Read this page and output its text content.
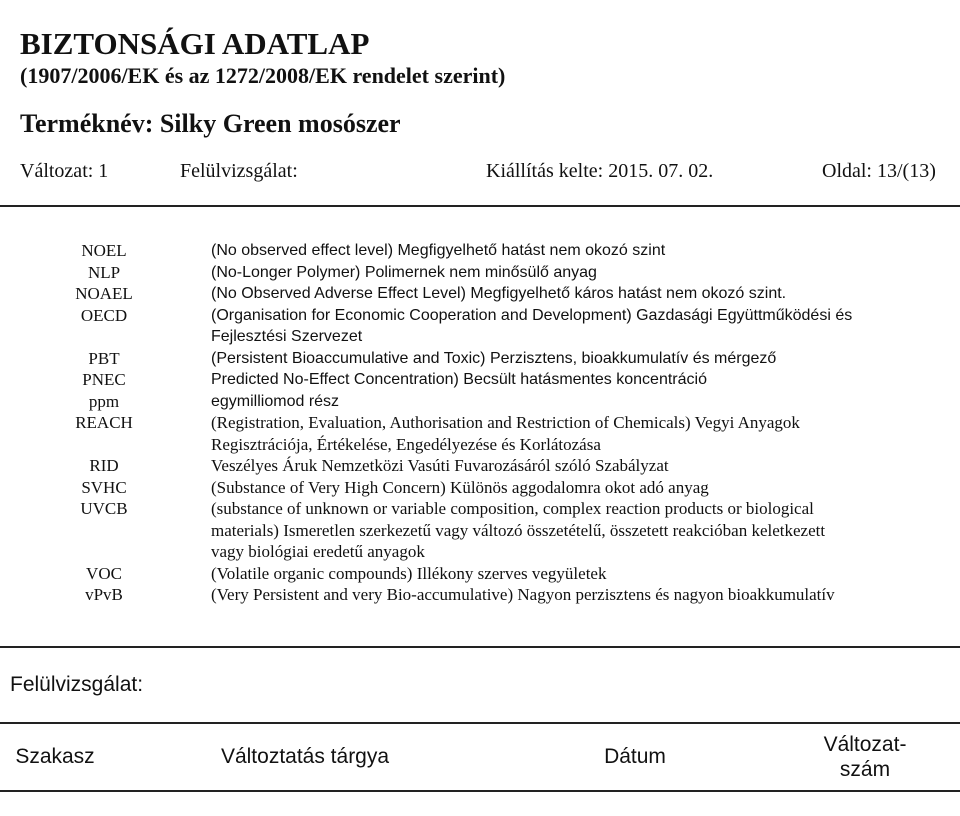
BIZTONSÁGI ADATLAP
(1907/2006/EK és az 1272/2008/EK rendelet szerint)
Terméknév: Silky Green mosószer
Változat: 1	Felülvizsgálat:	Kiállítás kelte: 2015. 07. 02.	Oldal: 13/(13)
NOEL	(No observed effect level) Megfigyelhető hatást nem okozó szint
NLP	(No-Longer Polymer) Polimernek nem minősülő anyag
NOAEL	(No Observed Adverse Effect Level) Megfigyelhető káros hatást nem okozó szint.
OECD	(Organisation for Economic Cooperation and Development) Gazdasági Együttműködési és
	Fejlesztési Szervezet
PBT	(Persistent Bioaccumulative and Toxic) Perzisztens, bioakkumulatív és mérgező
PNEC	Predicted No-Effect Concentration) Becsült hatásmentes koncentráció
ppm	egymilliomod rész
REACH	(Registration, Evaluation, Authorisation and Restriction of Chemicals) Vegyi Anyagok
	Regisztrációja, Értékelése, Engedélyezése és Korlátozása
RID	Veszélyes Áruk Nemzetközi Vasúti Fuvarozásáról szóló Szabályzat
SVHC	(Substance of Very High Concern) Különös aggodalomra okot adó anyag
UVCB	(substance of unknown or variable composition, complex reaction products or biological
	materials) Ismeretlen szerkezetű vagy változó összetételű, összetett reakcióban keletkezett
	vagy biológiai eredetű anyagok
VOC	(Volatile organic compounds) Illékony szerves vegyületek
vPvB	(Very Persistent and very Bio-accumulative) Nagyon perzisztens és nagyon bioakkumulatív
Felülvizsgálat:

Szakasz	Változtatás tárgya	Dátum	Változat-
szám
